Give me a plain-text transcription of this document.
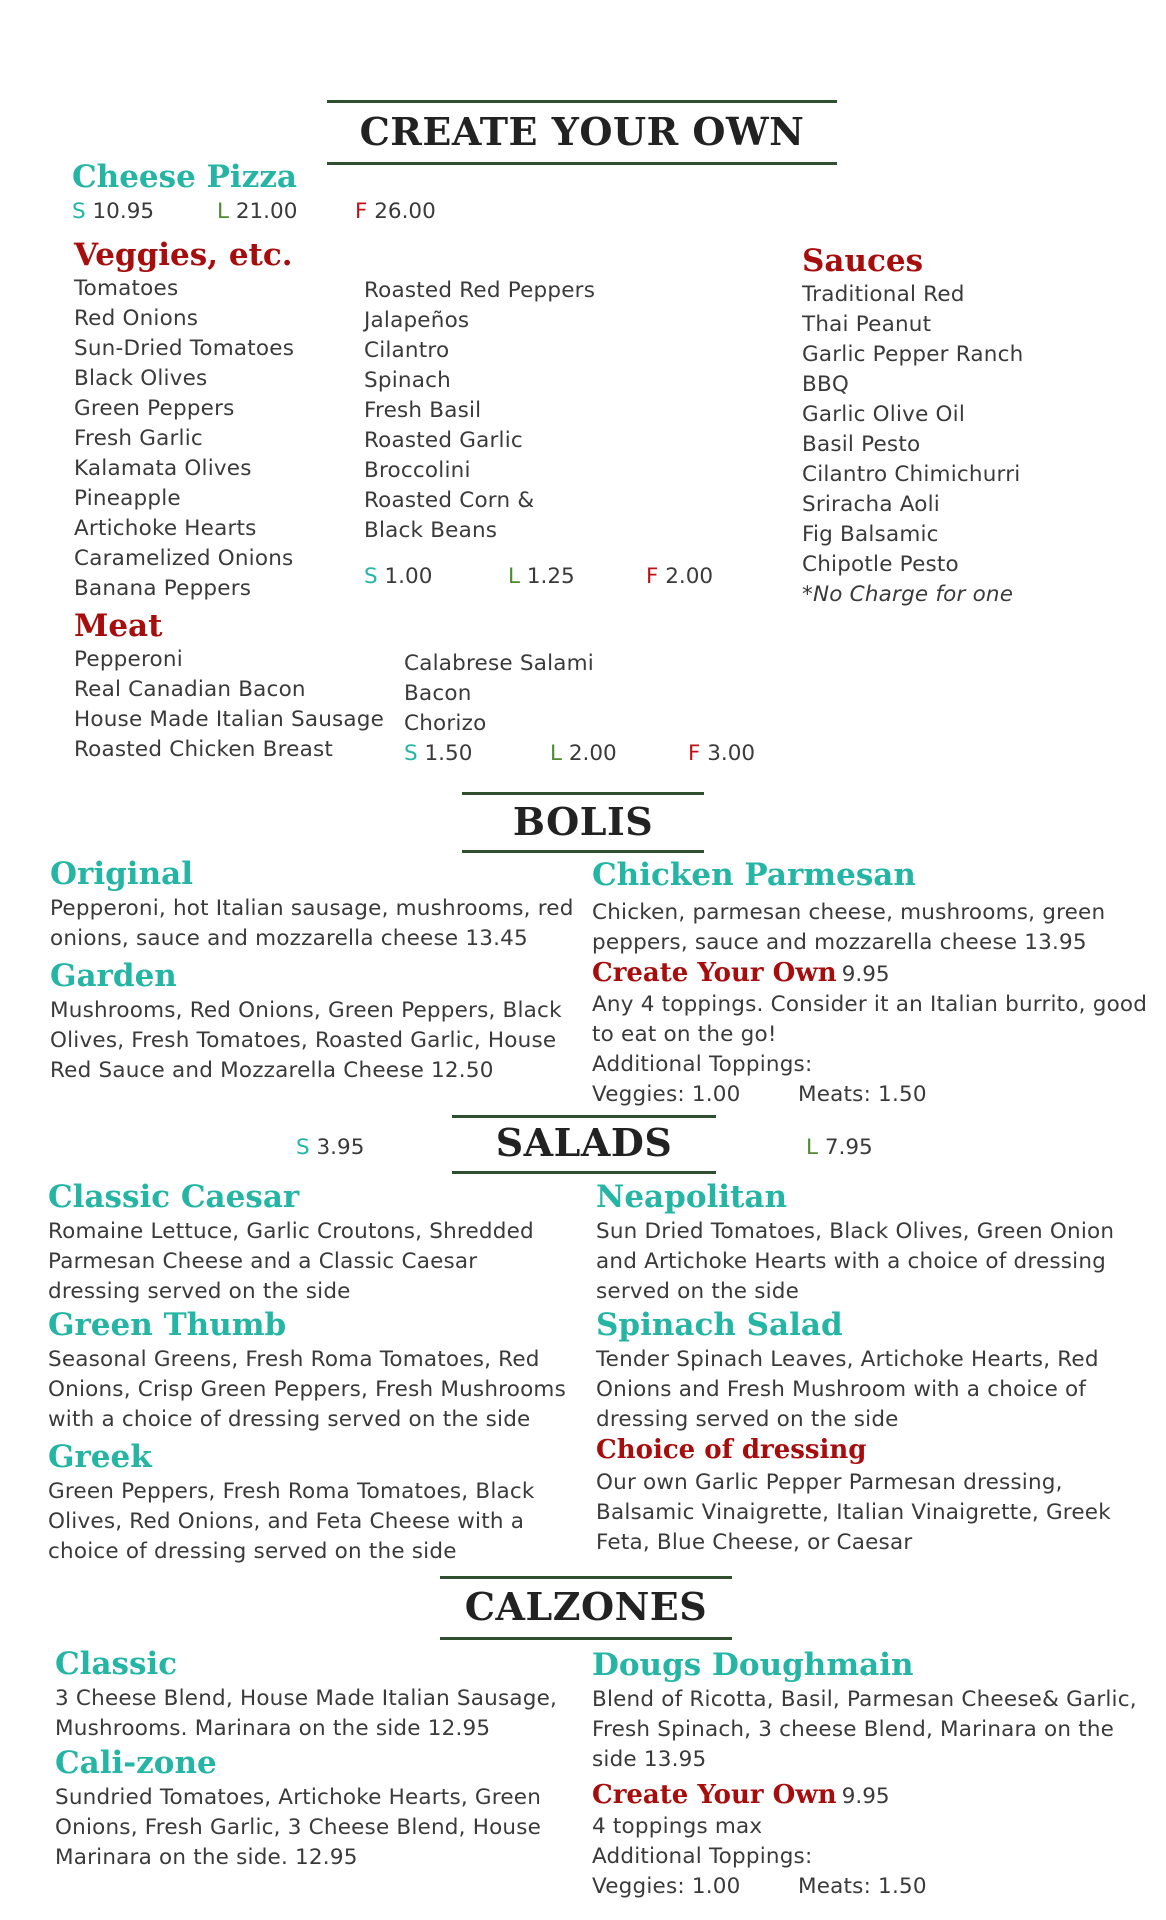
CREATE YOUR OWN
Cheese Pizza
S 10.95	L 21.00	F 26.00
Veggies, etc.
Tomatoes
Red Onions
Sun-Dried Tomatoes
Black Olives
Green Peppers
Fresh Garlic
Kalamata Olives
Pineapple
Artichoke Hearts
Caramelized Onions
Banana Peppers
Roasted Red Peppers
Jalapeños
Cilantro
Spinach
Fresh Basil
Roasted Garlic
Broccolini
Roasted Corn &
Black Beans
S 1.00	L 1.25	F 2.00
Sauces
Traditional Red
Thai Peanut
Garlic Pepper Ranch
BBQ
Garlic Olive Oil
Basil Pesto
Cilantro Chimichurri
Sriracha Aoli
Fig Balsamic
Chipotle Pesto
*No Charge for one
Meat
Pepperoni
Real Canadian Bacon
House Made Italian Sausage
Roasted Chicken Breast
Calabrese Salami
Bacon
Chorizo
S 1.50	L 2.00	F 3.00
BOLIS
Original
Pepperoni, hot Italian sausage, mushrooms, red onions, sauce and mozzarella cheese 13.45
Garden
Mushrooms, Red Onions, Green Peppers, Black Olives, Fresh Tomatoes, Roasted Garlic, House Red Sauce and Mozzarella Cheese 12.50
Chicken Parmesan
Chicken, parmesan cheese, mushrooms, green peppers, sauce and mozzarella cheese 13.95
Create Your Own 9.95
Any 4 toppings. Consider it an Italian burrito, good to eat on the go!
Additional Toppings:
Veggies: 1.00	Meats: 1.50
SALADS
S 3.95	L 7.95
Classic Caesar
Romaine Lettuce, Garlic Croutons, Shredded Parmesan Cheese and a Classic Caesar dressing served on the side
Green Thumb
Seasonal Greens, Fresh Roma Tomatoes, Red Onions, Crisp Green Peppers, Fresh Mushrooms with a choice of dressing served on the side
Greek
Green Peppers, Fresh Roma Tomatoes, Black Olives, Red Onions, and Feta Cheese with a choice of dressing served on the side
Neapolitan
Sun Dried Tomatoes, Black Olives, Green Onion and Artichoke Hearts with a choice of dressing served on the side
Spinach Salad
Tender Spinach Leaves, Artichoke Hearts, Red Onions and Fresh Mushroom with a choice of dressing served on the side
Choice of dressing
Our own Garlic Pepper Parmesan dressing, Balsamic Vinaigrette, Italian Vinaigrette, Greek Feta, Blue Cheese, or Caesar
CALZONES
Classic
3 Cheese Blend, House Made Italian Sausage, Mushrooms. Marinara on the side 12.95
Cali-zone
Sundried Tomatoes, Artichoke Hearts, Green Onions, Fresh Garlic, 3 Cheese Blend, House Marinara on the side. 12.95
Dougs Doughmain
Blend of Ricotta, Basil, Parmesan Cheese& Garlic, Fresh Spinach, 3 cheese Blend, Marinara on the side 13.95
Create Your Own 9.95
4 toppings max
Additional Toppings:
Veggies: 1.00	Meats: 1.50
